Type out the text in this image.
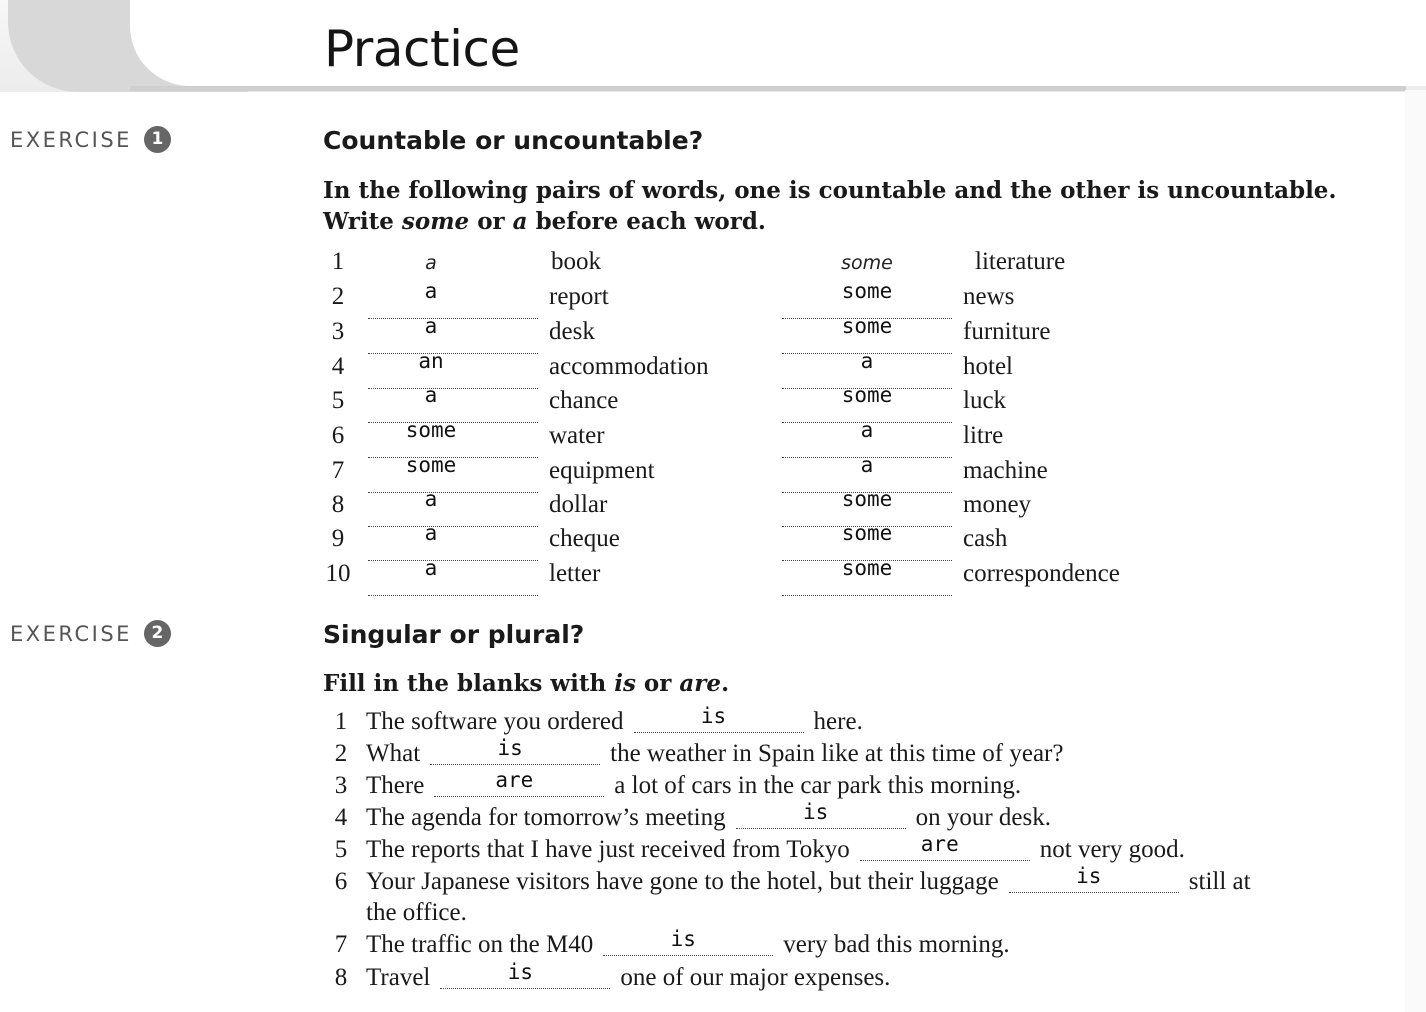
Practice
EXERCISE	1	Countable or uncountable?

In the following pairs of words, one is countable and the other is uncountable.
Write some or a before each word.

1	a	book	some	literature
2	a	report	some	news
3	a	desk	some	furniture
4	an	accommodation	a	hotel
5	a	chance	some	luck
6	some	water	a	litre
7	some	equipment	a	machine
8	a	dollar	some	money
9	a	cheque	some	cash
10	a	letter	some	correspondence
EXERCISE	2	Singular or plural?

Fill in the blanks with is or are.

1 The software you ordered	is	here.
2 What	is	the weather in Spain like at this time of year?
3 There	are	a lot of cars in the car park this morning.
4 The agenda for tomorrow’s meeting	is	on your desk.
5 The reports that I have just received from Tokyo	are	not very good.
6 Your Japanese visitors have gone to the hotel, but their luggage	is	still at
the office.
7 The traffic on the M40	is	very bad this morning.
8 Travel	is	one of our major expenses.
